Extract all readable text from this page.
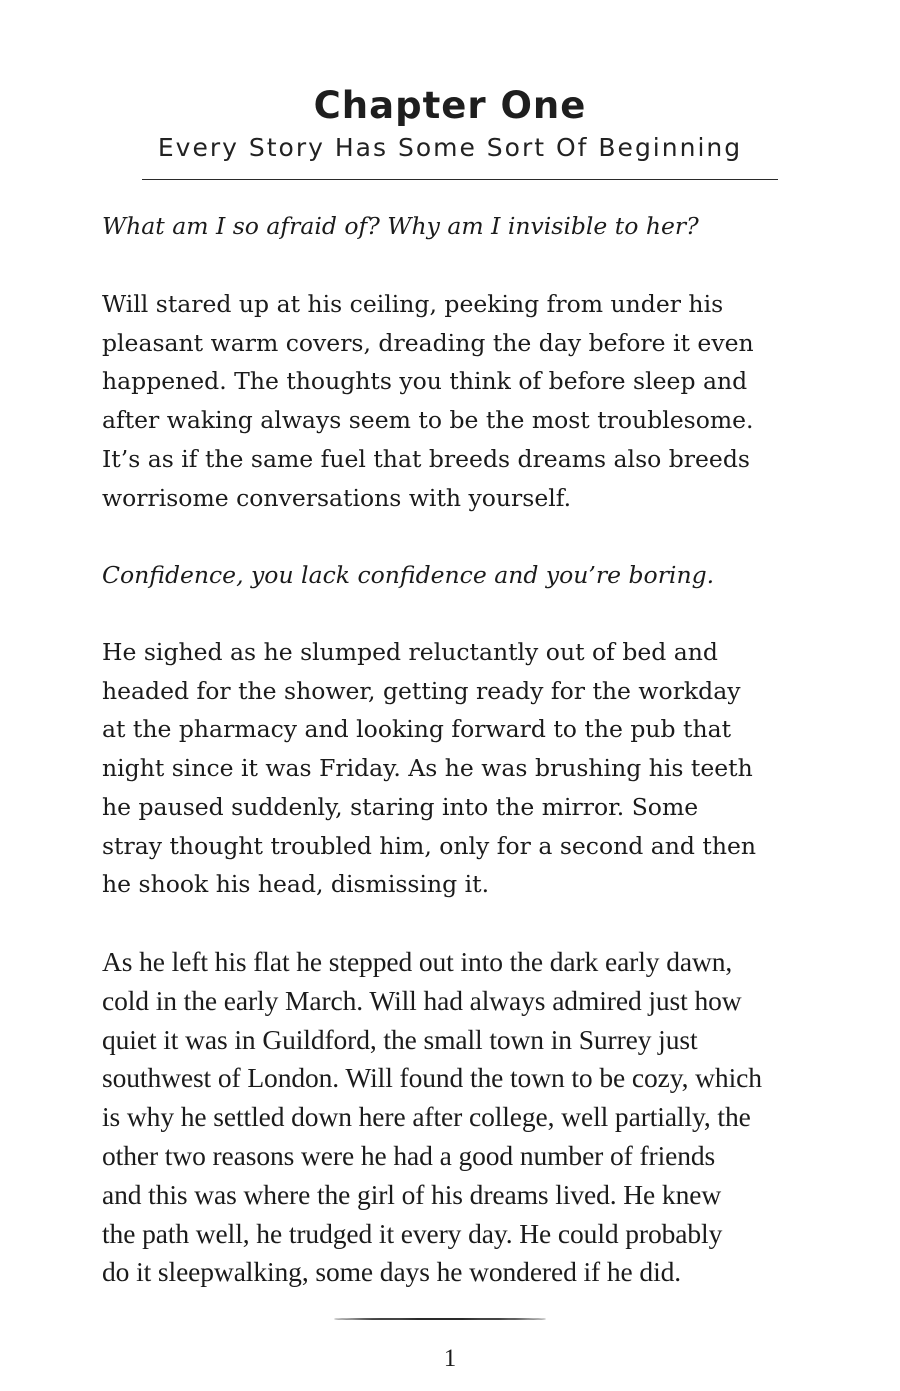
Chapter One
Every Story Has Some Sort Of Beginning

What am I so afraid of? Why am I invisible to her?

Will stared up at his ceiling, peeking from under his
pleasant warm covers, dreading the day before it even
happened. The thoughts you think of before sleep and
after waking always seem to be the most troublesome.
It’s as if the same fuel that breeds dreams also breeds
worrisome conversations with yourself.

Confidence, you lack confidence and you’re boring.

He sighed as he slumped reluctantly out of bed and
headed for the shower, getting ready for the workday
at the pharmacy and looking forward to the pub that
night since it was Friday. As he was brushing his teeth
he paused suddenly, staring into the mirror. Some
stray thought troubled him, only for a second and then
he shook his head, dismissing it.

As he left his flat he stepped out into the dark early dawn,
cold in the early March. Will had always admired just how
quiet it was in Guildford, the small town in Surrey just
southwest of London. Will found the town to be cozy, which
is why he settled down here after college, well partially, the
other two reasons were he had a good number of friends
and this was where the girl of his dreams lived. He knew
the path well, he trudged it every day. He could probably
do it sleepwalking, some days he wondered if he did.

1
